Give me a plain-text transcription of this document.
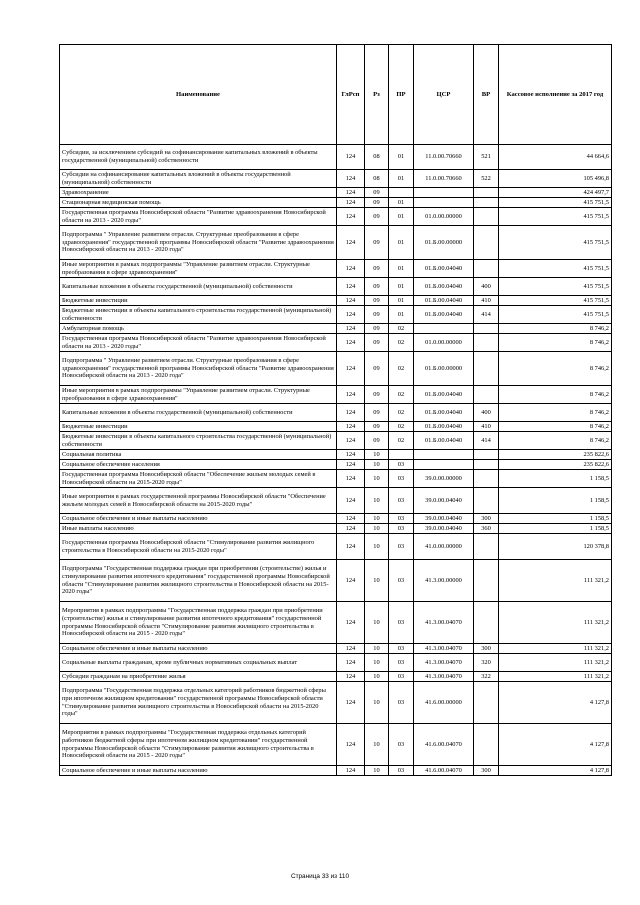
Наименование	ГлРсп	Рз	ПР	ЦСР	ВР	Кассовое исполнение за 2017 год
Субсидии, за исключением субсидий на софинансирование капитальных вложений в объекты государственной (муниципальной) собственности	124	08	01	11.0.00.70660	521	44 664,6
Субсидии на софинансирование капитальных вложений в объекты государственной (муниципальной) собственности	124	08	01	11.0.00.70660	522	105 496,8
Здравоохранение	124	09				424 497,7
Стационарная медицинская помощь	124	09	01			415 751,5
Государственная программа Новосибирской области "Развитие здравоохранения Новосибирской области на 2013 - 2020 годы"	124	09	01	01.0.00.00000		415 751,5
Подпрограмма " Управление развитием отрасли. Структурные преобразования в сфере здравоохранения" государственной программы Новосибирской области "Развитие здравоохранения Новосибирской области на 2013 - 2020 года"	124	09	01	01.Б.00.00000		415 751,5
Иные мероприятия в рамках подпрограммы "Управление развитием отрасли. Структурные преобразования в сфере здравоохранения"	124	09	01	01.Б.00.04040		415 751,5
Капитальные вложения в объекты государственной (муниципальной) собственности	124	09	01	01.Б.00.04040	400	415 751,5
Бюджетные инвестиции	124	09	01	01.Б.00.04040	410	415 751,5
Бюджетные инвестиции в объекты капитального строительства государственной (муниципальной) собственности	124	09	01	01.Б.00.04040	414	415 751,5
Амбулаторная помощь	124	09	02			8 746,2
Государственная программа Новосибирской области "Развитие здравоохранения Новосибирской области на 2013 - 2020 годы"	124	09	02	01.0.00.00000		8 746,2
Подпрограмма " Управление развитием отрасли. Структурные преобразования в сфере здравоохранения" государственной программы Новосибирской области "Развитие здравоохранения Новосибирской области на 2013 - 2020 года"	124	09	02	01.Б.00.00000		8 746,2
Иные мероприятия в рамках подпрограммы "Управление развитием отрасли. Структурные преобразования в сфере здравоохранения"	124	09	02	01.Б.00.04040		8 746,2
Капитальные вложения в объекты государственной (муниципальной) собственности	124	09	02	01.Б.00.04040	400	8 746,2
Бюджетные инвестиции	124	09	02	01.Б.00.04040	410	8 746,2
Бюджетные инвестиции в объекты капитального строительства государственной (муниципальной) собственности	124	09	02	01.Б.00.04040	414	8 746,2
Социальная политика	124	10				235 822,6
Социальное обеспечение населения	124	10	03			235 822,6
Государственная программа Новосибирской области "Обеспечение жильем молодых семей в Новосибирской области на 2015-2020 годы"	124	10	03	39.0.00.00000		1 158,5
Иные мероприятия в рамках государственной программы Новосибирской области "Обеспечение жильем молодых семей в Новосибирской области на 2015-2020 годы"	124	10	03	39.0.00.04040		1 158,5
Социальное обеспечение и иные выплаты населению	124	10	03	39.0.00.04040	300	1 158,5
Иные выплаты населению	124	10	03	39.0.00.04040	360	1 158,5
Государственная программа Новосибирской области "Стимулирование развития жилищного строительства в Новосибирской области на 2015-2020 годы"	124	10	03	41.0.00.00000		120 378,8
Подпрограмма "Государственная поддержка граждан при приобретении (строительстве) жилья и стимулирование развития ипотечного кредитования" государственной программы Новосибирской области "Стимулирование развития жилищного строительства в Новосибирской области на 2015-2020 годы"	124	10	03	41.3.00.00000		111 321,2
Мероприятия в рамках подпрограммы "Государственная поддержка граждан при приобретении (строительстве) жилья и стимулирование развития ипотечного кредитования" государственной программы Новосибирской области "Стимулирование развития жилищного строительства в Новосибирской области на 2015 - 2020 годы"	124	10	03	41.3.00.04070		111 321,2
Социальное обеспечение и иные выплаты населению	124	10	03	41.3.00.04070	300	111 321,2
Социальные выплаты гражданам, кроме публичных нормативных социальных выплат	124	10	03	41.3.00.04070	320	111 321,2
Субсидии гражданам на приобретение жилья	124	10	03	41.3.00.04070	322	111 321,2
Подпрограмма "Государственная поддержка отдельных категорий работников бюджетной сферы при ипотечном жилищном кредитовании" государственной программы Новосибирской области "Стимулирование развития жилищного строительства в Новосибирской области на 2015-2020 годы"	124	10	03	41.6.00.00000		4 127,8
Мероприятия в рамках подпрограммы "Государственная поддержка отдельных категорий работников бюджетной сферы при ипотечном жилищном кредитовании" государственной программы Новосибирской области "Стимулирование развития жилищного строительства в Новосибирской области на 2015 - 2020 годы"	124	10	03	41.6.00.04070		4 127,8
Социальное обеспечение и иные выплаты населению	124	10	03	41.6.00.04070	300	4 127,8
Страница 33 из 110
